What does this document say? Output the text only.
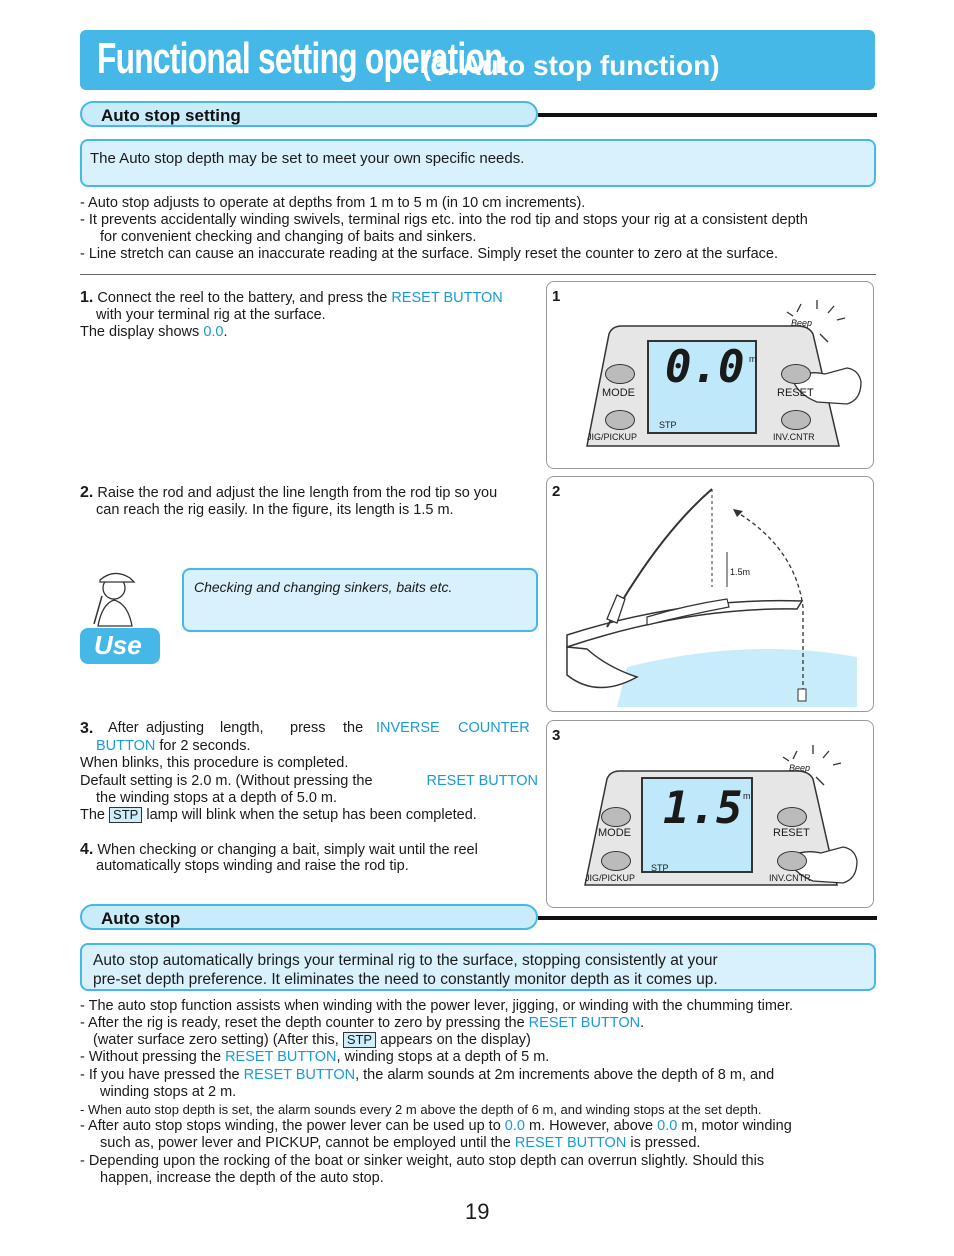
Functional setting operation
(3. Auto stop function)
Auto stop setting
The Auto stop depth may be set to meet your own specific needs.
- Auto stop adjusts to operate at depths from 1 m to 5 m (in 10 cm increments).
- It prevents accidentally winding swivels, terminal rigs etc. into the rod tip and stops your rig at a consistent depth
for convenient checking and changing of baits and sinkers.
- Line stretch can cause an inaccurate reading at the surface. Simply reset the counter to zero at the surface.
1. Connect the reel to the battery, and press the RESET BUTTON
with your terminal rig at the surface.
The display shows 0.0.
1
Beep
0.0 m
STP
MODE
JIG/PICKUP
RESET
INV.CNTR
2. Raise the rod and adjust the line length from the rod tip so you
can reach the rig easily. In the figure, its length is 1.5 m.
Checking and changing sinkers, baits etc.
Use
2
1.5m
3. After adjusting length, press the INVERSE COUNTER
BUTTON for 2 seconds.
When blinks, this procedure is completed.
Default setting is 2.0 m. (Without pressing the	RESET BUTTON
the winding stops at a depth of 5.0 m.
The STP lamp will blink when the setup has been completed.
4. When checking or changing a bait, simply wait until the reel
automatically stops winding and raise the rod tip.
3
Beep
1.5 m
STP
MODE
JIG/PICKUP
RESET
INV.CNTR
Auto stop
Auto stop automatically brings your terminal rig to the surface, stopping consistently at your
pre-set depth preference. It eliminates the need to constantly monitor depth as it comes up.
- The auto stop function assists when winding with the power lever, jigging, or winding with the chumming timer.
- After the rig is ready, reset the depth counter to zero by pressing the RESET BUTTON.
(water surface zero setting) (After this, STP appears on the display)
- Without pressing the RESET BUTTON, winding stops at a depth of 5 m.
- If you have pressed the RESET BUTTON, the alarm sounds at 2m increments above the depth of 8 m, and
winding stops at 2 m.
- When auto stop depth is set, the alarm sounds every 2 m above the depth of 6 m, and winding stops at the set depth.
- After auto stop stops winding, the power lever can be used up to 0.0 m. However, above 0.0 m, motor winding
such as, power lever and PICKUP, cannot be employed until the RESET BUTTON is pressed.
- Depending upon the rocking of the boat or sinker weight, auto stop depth can overrun slightly. Should this
happen, increase the depth of the auto stop.
19
